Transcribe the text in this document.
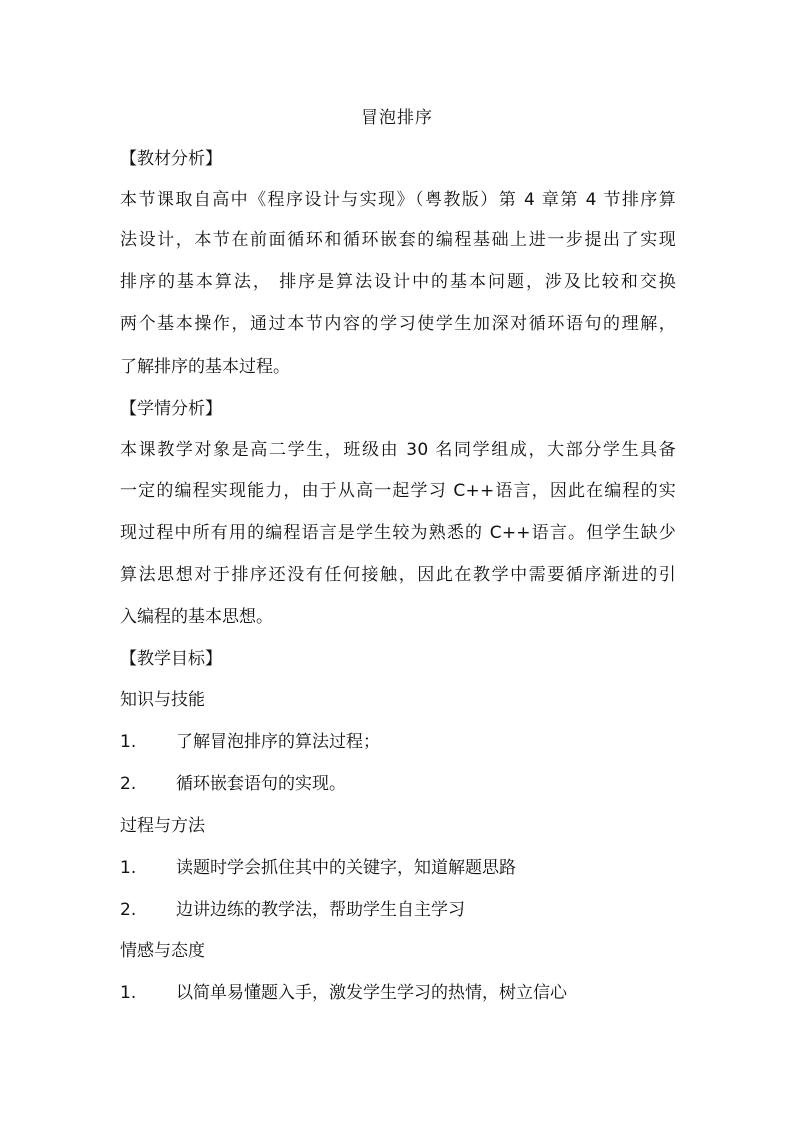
冒泡排序
【教材分析】
本节课取自高中《程序设计与实现》（粤教版）第 4 章第 4 节排序算
法设计，本节在前面循环和循环嵌套的编程基础上进一步提出了实现
排序的基本算法， 排序是算法设计中的基本问题，涉及比较和交换
两个基本操作，通过本节内容的学习使学生加深对循环语句的理解，
了解排序的基本过程。
【学情分析】
本课教学对象是高二学生，班级由 30 名同学组成，大部分学生具备
一定的编程实现能力，由于从高一起学习 C++语言，因此在编程的实
现过程中所有用的编程语言是学生较为熟悉的 C++语言。但学生缺少
算法思想对于排序还没有任何接触，因此在教学中需要循序渐进的引
入编程的基本思想。
【教学目标】
知识与技能
1. 了解冒泡排序的算法过程；
2. 循环嵌套语句的实现。
过程与方法
1. 读题时学会抓住其中的关键字，知道解题思路
2. 边讲边练的教学法，帮助学生自主学习
情感与态度
1. 以简单易懂题入手，激发学生学习的热情，树立信心
